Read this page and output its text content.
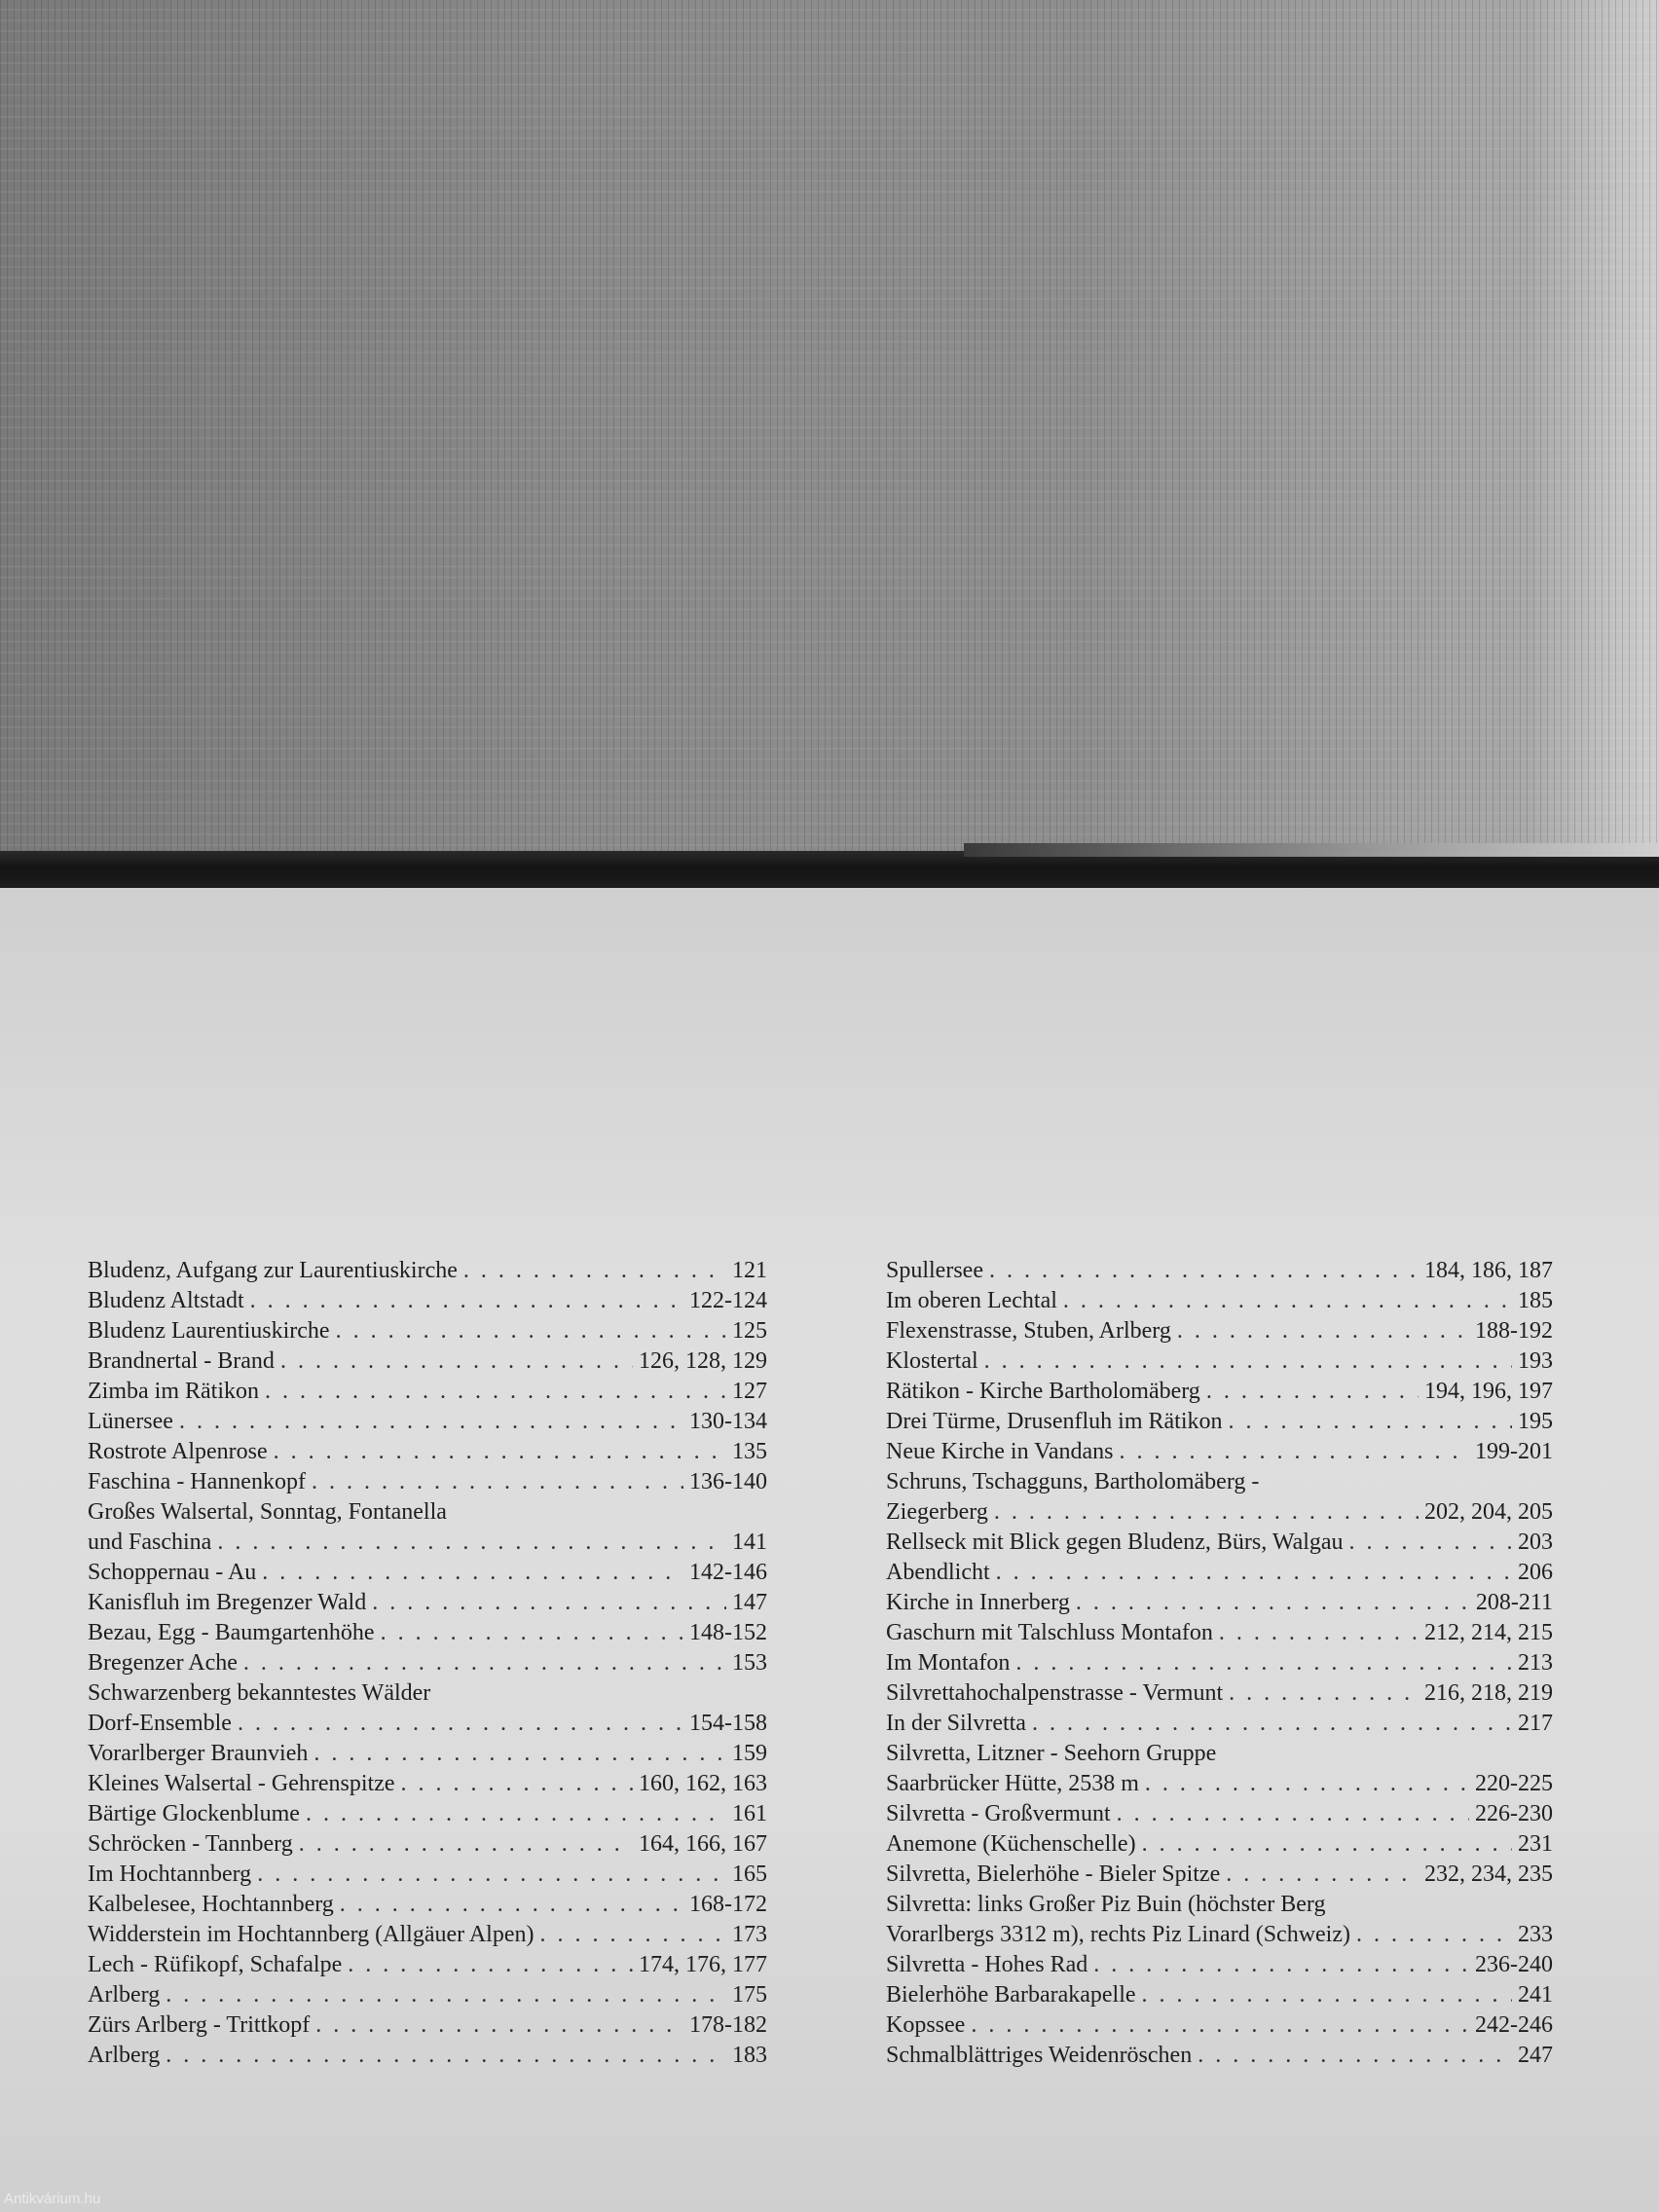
Bludenz, Aufgang zur Laurentiuskirche . . .	121
Bludenz Altstadt . . .	122-124
Bludenz Laurentiuskirche . . .	125
Brandnertal - Brand . . .	126, 128, 129
Zimba im Rätikon . . .	127
Lünersee . . .	130-134
Rostrote Alpenrose . . .	135
Faschina - Hannenkopf . . .	136-140
Großes Walsertal, Sonntag, Fontanella
und Faschina . . .	141
Schoppernau - Au . . .	142-146
Kanisfluh im Bregenzer Wald . . .	147
Bezau, Egg - Baumgartenhöhe . . .	148-152
Bregenzer Ache . . .	153
Schwarzenberg bekanntestes Wälder
Dorf-Ensemble . . .	154-158
Vorarlberger Braunvieh . . .	159
Kleines Walsertal - Gehrenspitze . . .	160, 162, 163
Bärtige Glockenblume . . .	161
Schröcken - Tannberg . . .	164, 166, 167
Im Hochtannberg . . .	165
Kalbelesee, Hochtannberg . . .	168-172
Widderstein im Hochtannberg (Allgäuer Alpen) . . .	173
Lech - Rüfikopf, Schafalpe . . .	174, 176, 177
Arlberg . . .	175
Zürs Arlberg - Trittkopf . . .	178-182
Arlberg . . .	183
Spullersee . . .	184, 186, 187
Im oberen Lechtal . . .	185
Flexenstrasse, Stuben, Arlberg . . .	188-192
Klostertal . . .	193
Rätikon - Kirche Bartholomäberg . . .	194, 196, 197
Drei Türme, Drusenfluh im Rätikon . . .	195
Neue Kirche in Vandans . . .	199-201
Schruns, Tschagguns, Bartholomäberg -
Ziegerberg . . .	202, 204, 205
Rellseck mit Blick gegen Bludenz, Bürs, Walgau . . .	203
Abendlicht . . .	206
Kirche in Innerberg . . .	208-211
Gaschurn mit Talschluss Montafon . . .	212, 214, 215
Im Montafon . . .	213
Silvrettahochalpenstrasse - Vermunt . . .	216, 218, 219
In der Silvretta . . .	217
Silvretta, Litzner - Seehorn Gruppe
Saarbrücker Hütte, 2538 m . . .	220-225
Silvretta - Großvermunt . . .	226-230
Anemone (Küchenschelle) . . .	231
Silvretta, Bielerhöhe - Bieler Spitze . . .	232, 234, 235
Silvretta: links Großer Piz Buin (höchster Berg
Vorarlbergs 3312 m), rechts Piz Linard (Schweiz) . . .	233
Silvretta - Hohes Rad . . .	236-240
Bielerhöhe Barbarakapelle . . .	241
Kopssee . . .	242-246
Schmalblättriges Weidenröschen . . .	247
Antikvárium.hu
